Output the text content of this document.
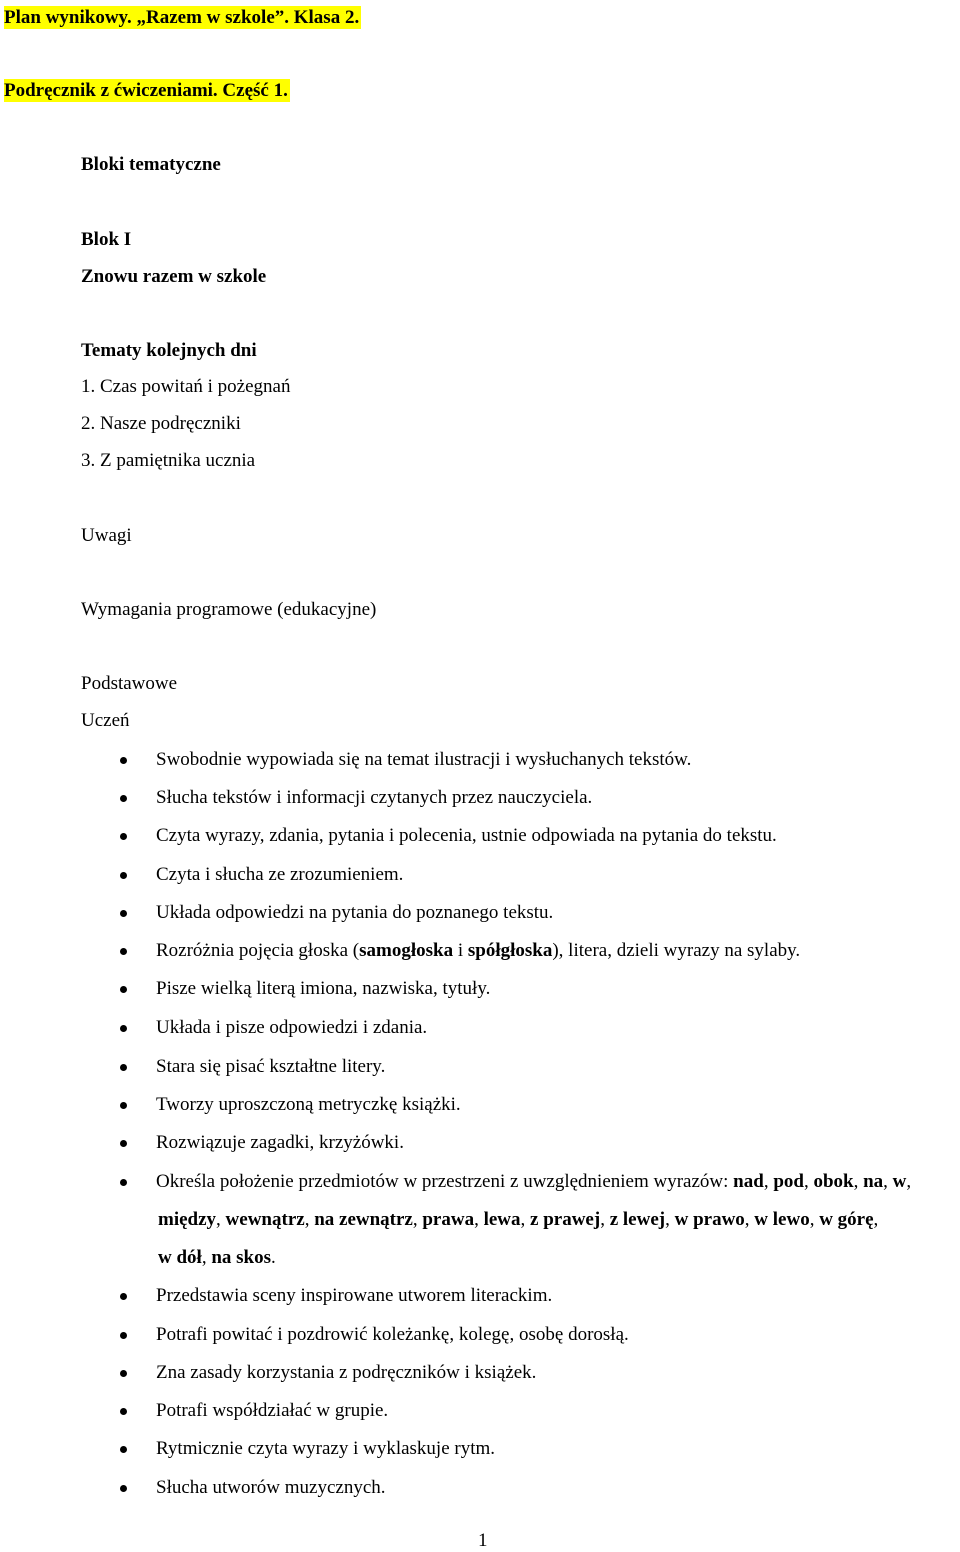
Plan wynikowy. „Razem w szkole”. Klasa 2.
Podręcznik z ćwiczeniami. Część 1.
Bloki tematyczne
Blok I
Znowu razem w szkole
Tematy kolejnych dni
1. Czas powitań i pożegnań
2. Nasze podręczniki
3. Z pamiętnika ucznia
Uwagi
Wymagania programowe (edukacyjne)
Podstawowe
Uczeń
Swobodnie wypowiada się na temat ilustracji i wysłuchanych tekstów.
Słucha tekstów i informacji czytanych przez nauczyciela.
Czyta wyrazy, zdania, pytania i polecenia, ustnie odpowiada na pytania do tekstu.
Czyta i słucha ze zrozumieniem.
Układa odpowiedzi na pytania do poznanego tekstu.
Rozróżnia pojęcia głoska (samogłoska i spółgłoska), litera, dzieli wyrazy na sylaby.
Pisze wielką literą imiona, nazwiska, tytuły.
Układa i pisze odpowiedzi i zdania.
Stara się pisać kształtne litery.
Tworzy uproszczoną metryczkę książki.
Rozwiązuje zagadki, krzyżówki.
Określa położenie przedmiotów w przestrzeni z uwzględnieniem wyrazów: nad, pod, obok, na, w,
między, wewnątrz, na zewnątrz, prawa, lewa, z prawej, z lewej, w prawo, w lewo, w górę,
w dół, na skos.
Przedstawia sceny inspirowane utworem literackim.
Potrafi powitać i pozdrowić koleżankę, kolegę, osobę dorosłą.
Zna zasady korzystania z podręczników i książek.
Potrafi współdziałać w grupie.
Rytmicznie czyta wyrazy i wyklaskuje rytm.
Słucha utworów muzycznych.
1
